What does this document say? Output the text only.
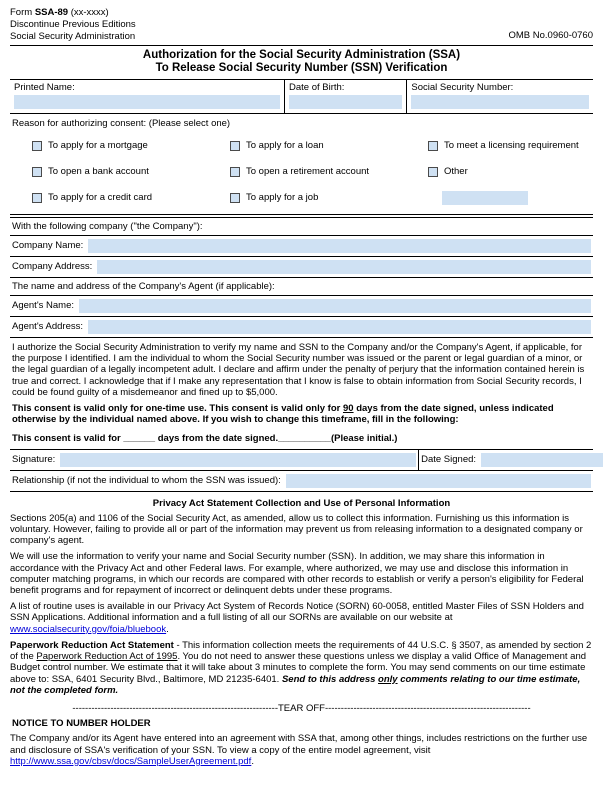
Form SSA-89 (xx-xxxx)
Discontinue Previous Editions
Social Security Administration	OMB No.0960-0760
Authorization for the Social Security Administration (SSA)
To Release Social Security Number (SSN) Verification
Printed Name:	Date of Birth:	Social Security Number:
Reason for authorizing consent: (Please select one)
To apply for a mortgage	To apply for a loan	To meet a licensing requirement
To open a bank account	To open a retirement account	Other
To apply for a credit card	To apply for a job
With the following company ("the Company"):
Company Name:
Company Address:
The name and address of the Company's Agent (if applicable):
Agent's Name:
Agent's Address:

I authorize the Social Security Administration to verify my name and SSN to the Company and/or the Company's Agent, if applicable, for the purpose I identified. I am the individual to whom the Social Security number was issued or the parent or legal guardian of a minor, or the legal guardian of a legally incompetent adult. I declare and affirm under the penalty of perjury that the information contained herein is true and correct. I acknowledge that if I make any representation that I know is false to obtain information from Social Security records, I could be found guilty of a misdemeanor and fined up to $5,000.

This consent is valid only for one-time use. This consent is valid only for 90 days from the date signed, unless indicated otherwise by the individual named above. If you wish to change this timeframe, fill in the following:

This consent is valid for ______ days from the date signed.__________(Please initial.)
Signature:	Date Signed:
Relationship (if not the individual to whom the SSN was issued):
Privacy Act Statement Collection and Use of Personal Information

Sections 205(a) and 1106 of the Social Security Act, as amended, allow us to collect this information. Furnishing us this information is voluntary. However, failing to provide all or part of the information may prevent us from releasing information to a designated company or company's agent.

We will use the information to verify your name and Social Security number (SSN). In addition, we may share this information in accordance with the Privacy Act and other Federal laws. For example, where authorized, we may use and disclose this information in computer matching programs, in which our records are compared with other records to establish or verify a person's eligibility for Federal benefit programs and for repayment of incorrect or delinquent debts under these programs.

A list of routine uses is available in our Privacy Act System of Records Notice (SORN) 60-0058, entitled Master Files of SSN Holders and SSN Applications. Additional information and a full listing of all our SORNs are available on our website at www.socialsecurity.gov/foia/bluebook.

Paperwork Reduction Act Statement - This information collection meets the requirements of 44 U.S.C. § 3507, as amended by section 2 of the Paperwork Reduction Act of 1995. You do not need to answer these questions unless we display a valid Office of Management and Budget control number. We estimate that it will take about 3 minutes to complete the form. You may send comments on our time estimate above to: SSA, 6401 Security Blvd., Baltimore, MD 21235-6401. Send to this address only comments relating to our time estimate, not the completed form.

-----------------------------------------------------------------TEAR OFF-----------------------------------------------------------------
NOTICE TO NUMBER HOLDER

The Company and/or its Agent have entered into an agreement with SSA that, among other things, includes restrictions on the further use and disclosure of SSA's verification of your SSN. To view a copy of the entire model agreement, visit http://www.ssa.gov/cbsv/docs/SampleUserAgreement.pdf.
